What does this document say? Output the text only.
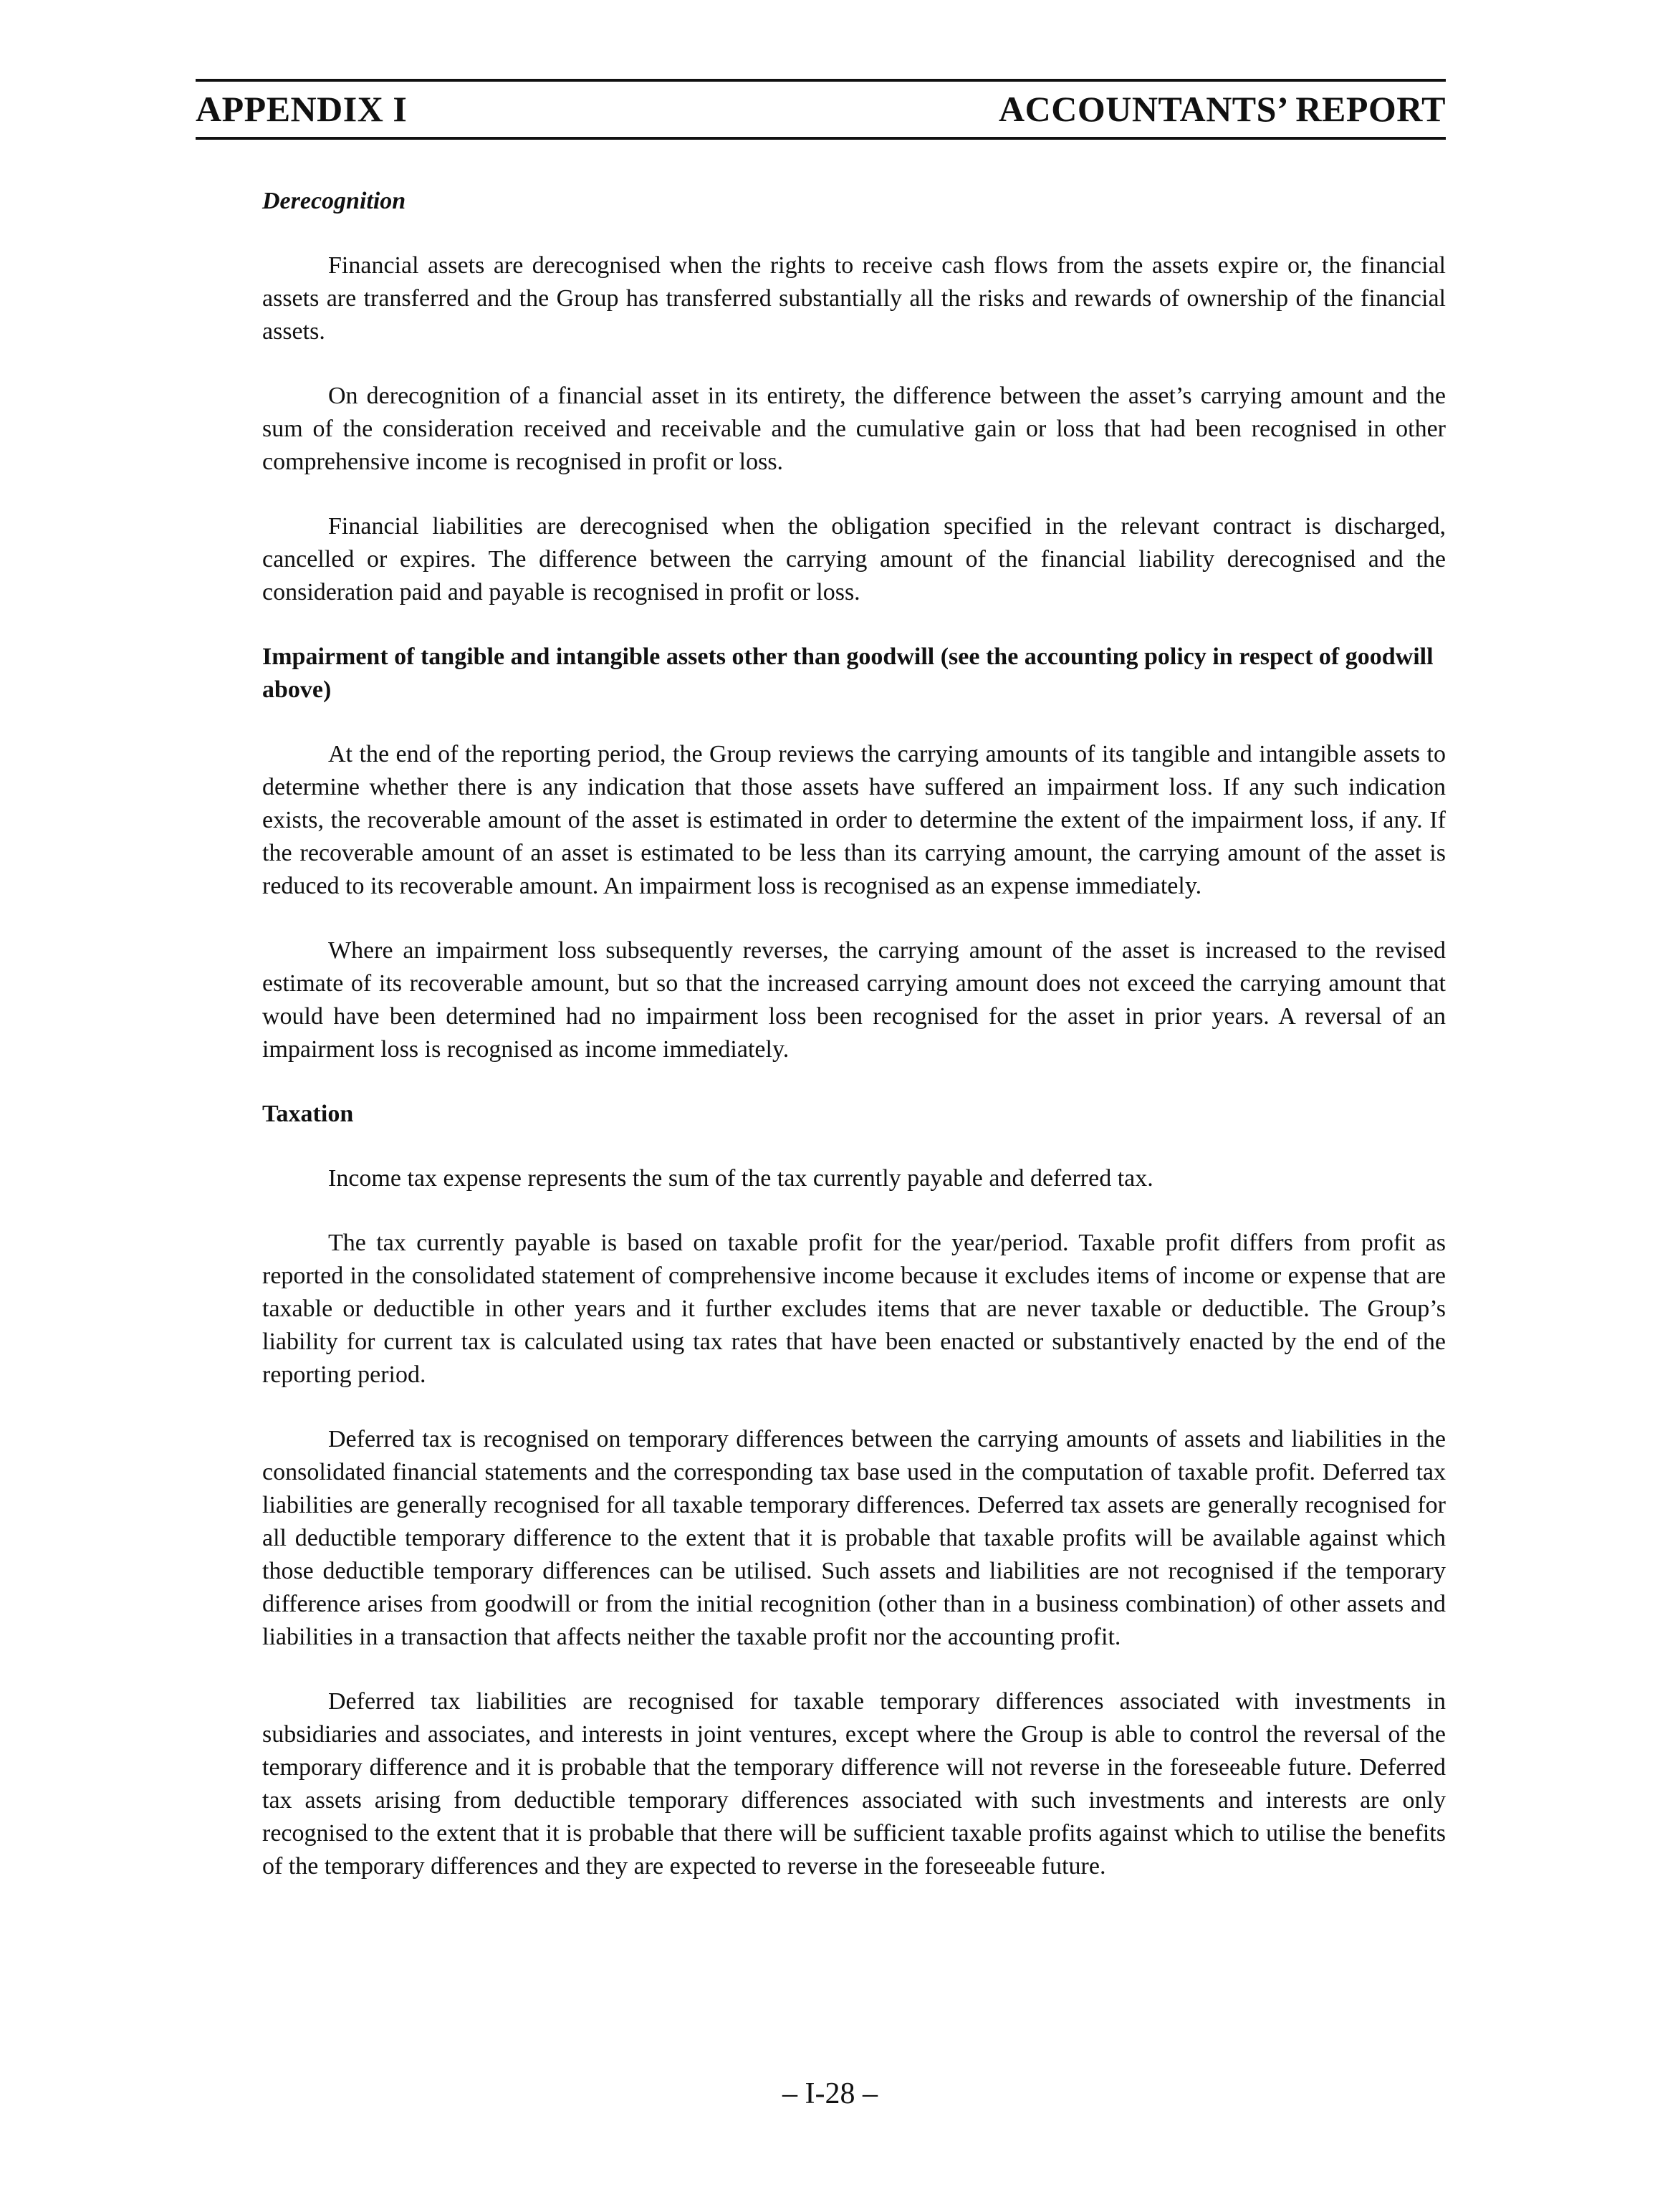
APPENDIX I	ACCOUNTANTS’ REPORT
Derecognition

Financial assets are derecognised when the rights to receive cash flows from the assets expire or, the financial assets are transferred and the Group has transferred substantially all the risks and rewards of ownership of the financial assets.

On derecognition of a financial asset in its entirety, the difference between the asset’s carrying amount and the sum of the consideration received and receivable and the cumulative gain or loss that had been recognised in other comprehensive income is recognised in profit or loss.

Financial liabilities are derecognised when the obligation specified in the relevant contract is discharged, cancelled or expires. The difference between the carrying amount of the financial liability derecognised and the consideration paid and payable is recognised in profit or loss.

Impairment of tangible and intangible assets other than goodwill (see the accounting policy in respect of goodwill above)

At the end of the reporting period, the Group reviews the carrying amounts of its tangible and intangible assets to determine whether there is any indication that those assets have suffered an impairment loss. If any such indication exists, the recoverable amount of the asset is estimated in order to determine the extent of the impairment loss, if any. If the recoverable amount of an asset is estimated to be less than its carrying amount, the carrying amount of the asset is reduced to its recoverable amount. An impairment loss is recognised as an expense immediately.

Where an impairment loss subsequently reverses, the carrying amount of the asset is increased to the revised estimate of its recoverable amount, but so that the increased carrying amount does not exceed the carrying amount that would have been determined had no impairment loss been recognised for the asset in prior years. A reversal of an impairment loss is recognised as income immediately.

Taxation

Income tax expense represents the sum of the tax currently payable and deferred tax.

The tax currently payable is based on taxable profit for the year/period. Taxable profit differs from profit as reported in the consolidated statement of comprehensive income because it excludes items of income or expense that are taxable or deductible in other years and it further excludes items that are never taxable or deductible. The Group’s liability for current tax is calculated using tax rates that have been enacted or substantively enacted by the end of the reporting period.

Deferred tax is recognised on temporary differences between the carrying amounts of assets and liabilities in the consolidated financial statements and the corresponding tax base used in the computation of taxable profit. Deferred tax liabilities are generally recognised for all taxable temporary differences. Deferred tax assets are generally recognised for all deductible temporary difference to the extent that it is probable that taxable profits will be available against which those deductible temporary differences can be utilised. Such assets and liabilities are not recognised if the temporary difference arises from goodwill or from the initial recognition (other than in a business combination) of other assets and liabilities in a transaction that affects neither the taxable profit nor the accounting profit.

Deferred tax liabilities are recognised for taxable temporary differences associated with investments in subsidiaries and associates, and interests in joint ventures, except where the Group is able to control the reversal of the temporary difference and it is probable that the temporary difference will not reverse in the foreseeable future. Deferred tax assets arising from deductible temporary differences associated with such investments and interests are only recognised to the extent that it is probable that there will be sufficient taxable profits against which to utilise the benefits of the temporary differences and they are expected to reverse in the foreseeable future.

– I-28 –
